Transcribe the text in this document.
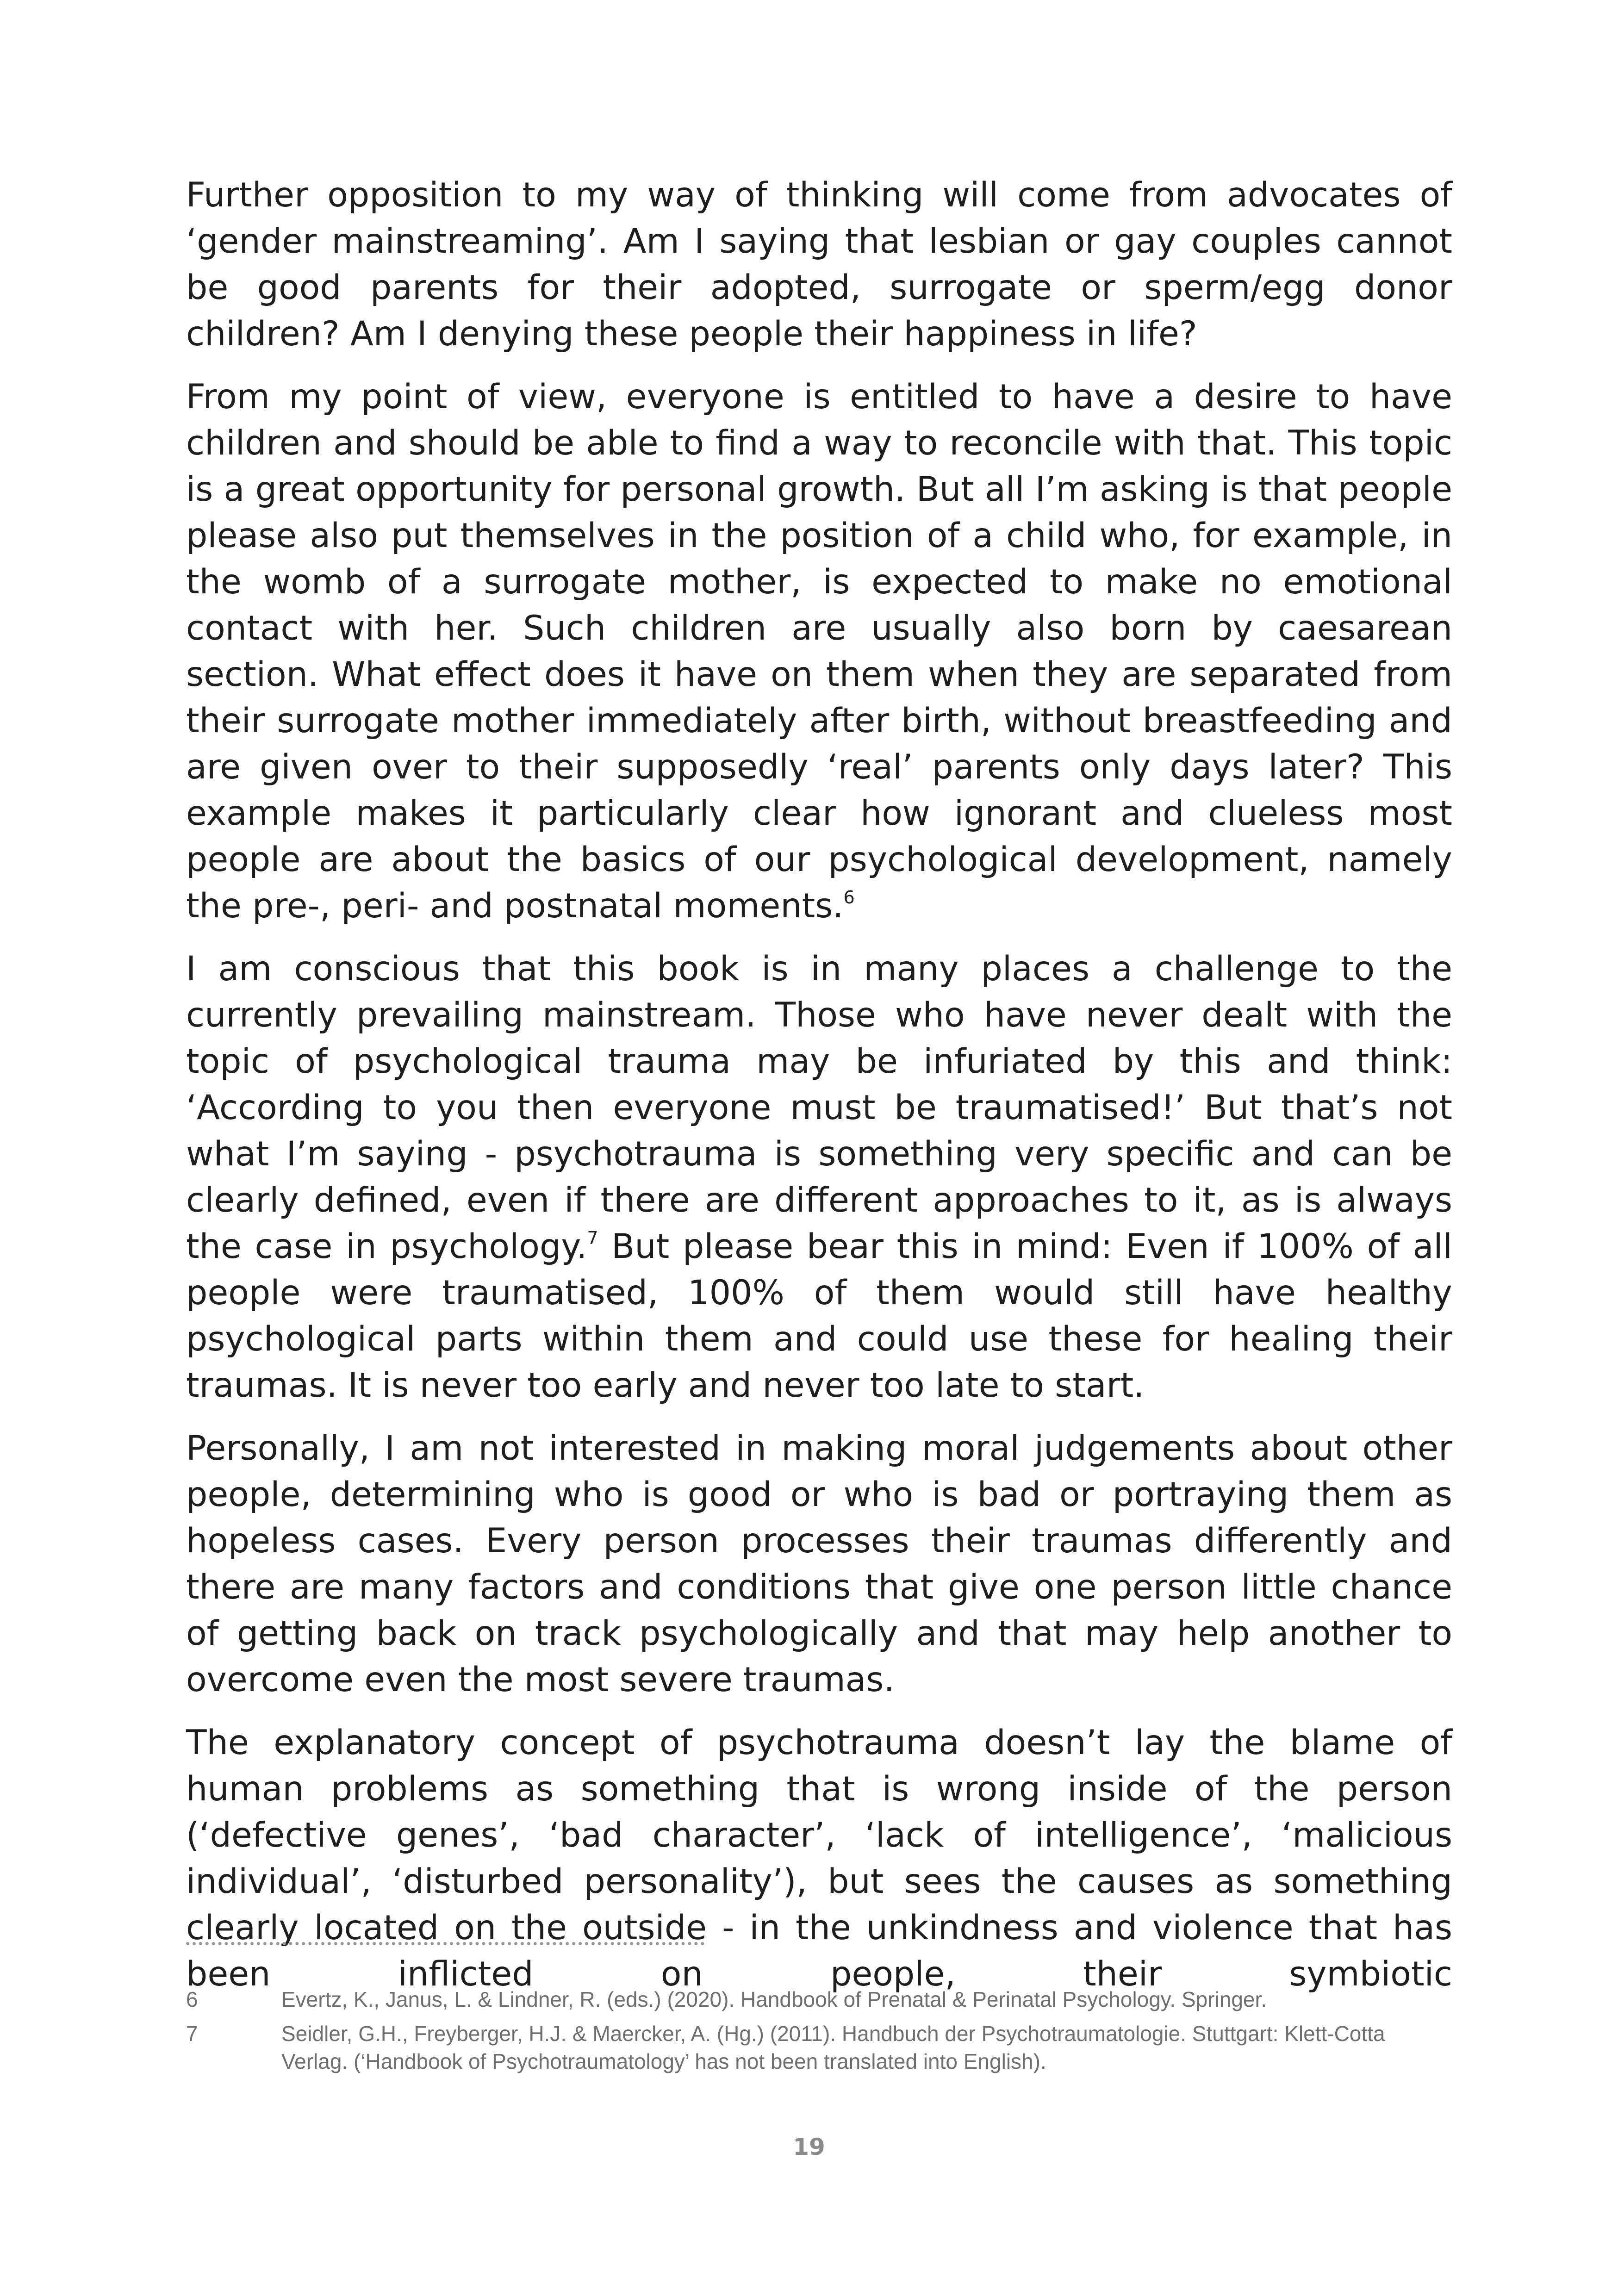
Further opposition to my way of thinking will come from advocates of ‘gender mainstreaming’. Am I saying that lesbian or gay couples cannot be good parents for their adopted, surrogate or sperm/egg donor children? Am I denying these people their happiness in life?

From my point of view, everyone is entitled to have a desire to have children and should be able to find a way to reconcile with that. This topic is a great opportunity for personal growth. But all I’m asking is that people please also put themselves in the position of a child who, for example, in the womb of a surrogate mother, is expected to make no emotional contact with her. Such children are usually also born by caesarean section. What effect does it have on them when they are separated from their surrogate mother immediately after birth, without breastfeeding and are given over to their supposedly ‘real’ parents only days later? This example makes it particularly clear how ignorant and clueless most people are about the basics of our psychological development, namely the pre-, peri- and postnatal moments.$^6$

I am conscious that this book is in many places a challenge to the currently prevailing mainstream. Those who have never dealt with the topic of psychological trauma may be infuriated by this and think: ‘According to you then everyone must be traumatised!’ But that’s not what I’m saying - psychotrauma is something very specific and can be clearly defined, even if there are different approaches to it, as is always the case in psychology.$^7$ But please bear this in mind: Even if 100% of all people were traumatised, 100% of them would still have healthy psychological parts within them and could use these for healing their traumas. It is never too early and never too late to start.

Personally, I am not interested in making moral judgements about other people, determining who is good or who is bad or portraying them as hopeless cases. Every person processes their traumas differently and there are many factors and conditions that give one person little chance of getting back on track psychologically and that may help another to overcome even the most severe traumas.

The explanatory concept of psychotrauma doesn’t lay the blame of human problems as something that is wrong inside of the person (‘defective genes’, ‘bad character’, ‘lack of intelligence’, ‘malicious individual’, ‘disturbed personality’), but sees the causes as something clearly located on the outside - in the unkindness and violence that has been inflicted on people, their symbiotic

6	Evertz, K., Janus, L. & Lindner, R. (eds.) (2020). Handbook of Prenatal & Perinatal Psychology. Springer.
7	Seidler, G.H., Freyberger, H.J. & Maercker, A. (Hg.) (2011). Handbuch der Psychotraumatologie. Stuttgart: Klett-Cotta Verlag. (‘Handbook of Psychotraumatology’ has not been translated into English).
19
